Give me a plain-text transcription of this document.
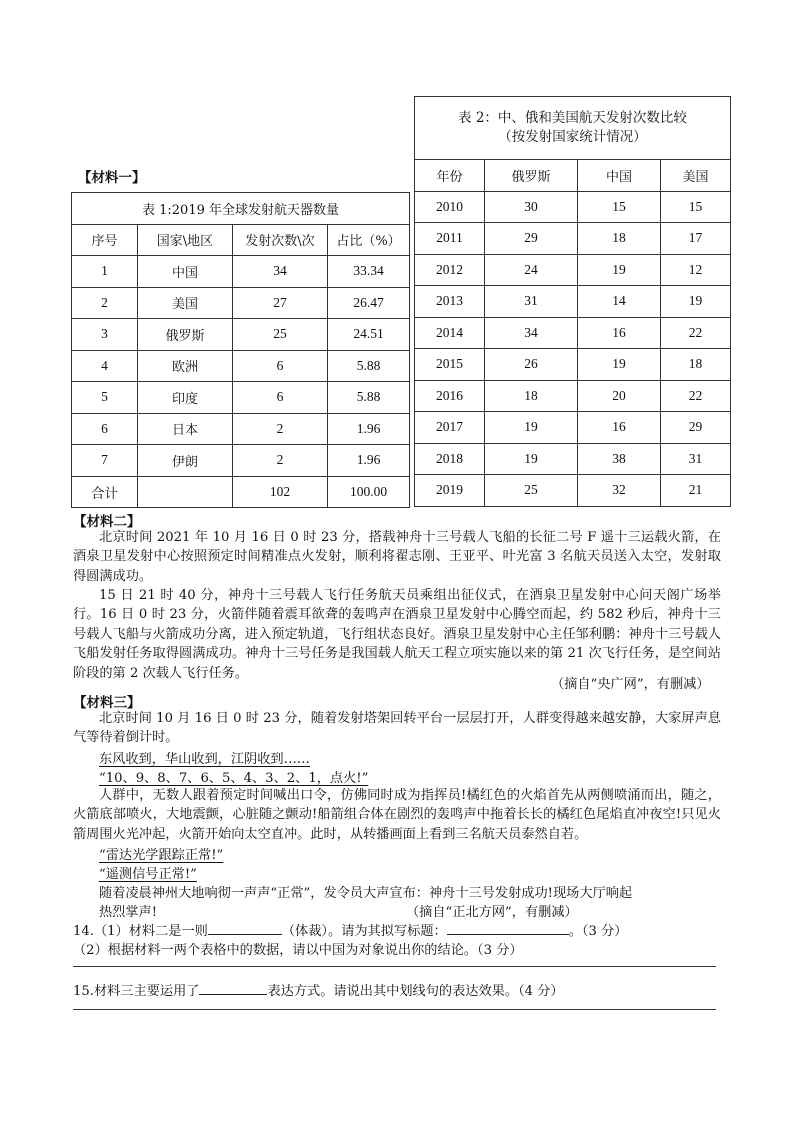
【材料一】
表 1:2019 年全球发射航天器数量			
序号	国家\地区	发射次数\次	占比（%）
1	中国	34	33.34
2	美国	27	26.47
3	俄罗斯	25	24.51
4	欧洲	6	5.88
5	印度	6	5.88
6	日本	2	1.96
7	伊朗	2	1.96
合计		102	100.00
表 2：中、俄和美国航天发射次数比较
（按发射国家统计情况）			

年份	俄罗斯	中国	美国
2010	30	15	15
2011	29	18	17
2012	24	19	12
2013	31	14	19
2014	34	16	22
2015	26	19	18
2016	18	20	22
2017	19	16	29
2018	19	38	31
2019	25	32	21
【材料二】
北京时间 2021 年 10 月 16 日 0 时 23 分，搭载神舟十三号载人飞船的长征二号 F 遥十三运载火箭，在酒泉卫星发射中心按照预定时间精准点火发射，顺利将翟志刚、王亚平、叶光富 3 名航天员送入太空，发射取得圆满成功。
15 日 21 时 40 分，神舟十三号载人飞行任务航天员乘组出征仪式，在酒泉卫星发射中心问天阁广场举行。16 日 0 时 23 分，火箭伴随着震耳欲聋的轰鸣声在酒泉卫星发射中心腾空而起，约 582 秒后，神舟十三号载人飞船与火箭成功分离，进入预定轨道，飞行组状态良好。酒泉卫星发射中心主任邹利鹏：神舟十三号载人飞船发射任务取得圆满成功。神舟十三号任务是我国载人航天工程立项实施以来的第 21 次飞行任务，是空间站阶段的第 2 次载人飞行任务。
（摘自“央广网”，有删减）
【材料三】
北京时间 10 月 16 日 0 时 23 分，随着发射塔架回转平台一层层打开，人群变得越来越安静，大家屏声息气等待着倒计时。
东风收到，华山收到，江阴收到……
“10、9、8、7、6、5、4、3、2、1，点火!”
人群中，无数人跟着预定时间喊出口令，仿佛同时成为指挥员!橘红色的火焰首先从两侧喷涌而出，随之，火箭底部喷火，大地震颤，心脏随之颤动!船箭组合体在剧烈的轰鸣声中拖着长长的橘红色尾焰直冲夜空!只见火箭周围火光冲起，火箭开始向太空直冲。此时，从转播画面上看到三名航天员泰然自若。
“雷达光学跟踪正常!”
“遥测信号正常!”
随着凌晨神州大地响彻一声声“正常”，发令员大声宣布：神舟十三号发射成功!现场大厅响起
热烈掌声!	（摘自“正北方网”，有删减）
14.（1）材料二是一则	（体裁）。请为其拟写标题：	。（3 分）
（2）根据材料一两个表格中的数据，请以中国为对象说出你的结论。（3 分）
15.材料三主要运用了	表达方式。请说出其中划线句的表达效果。（4 分）
